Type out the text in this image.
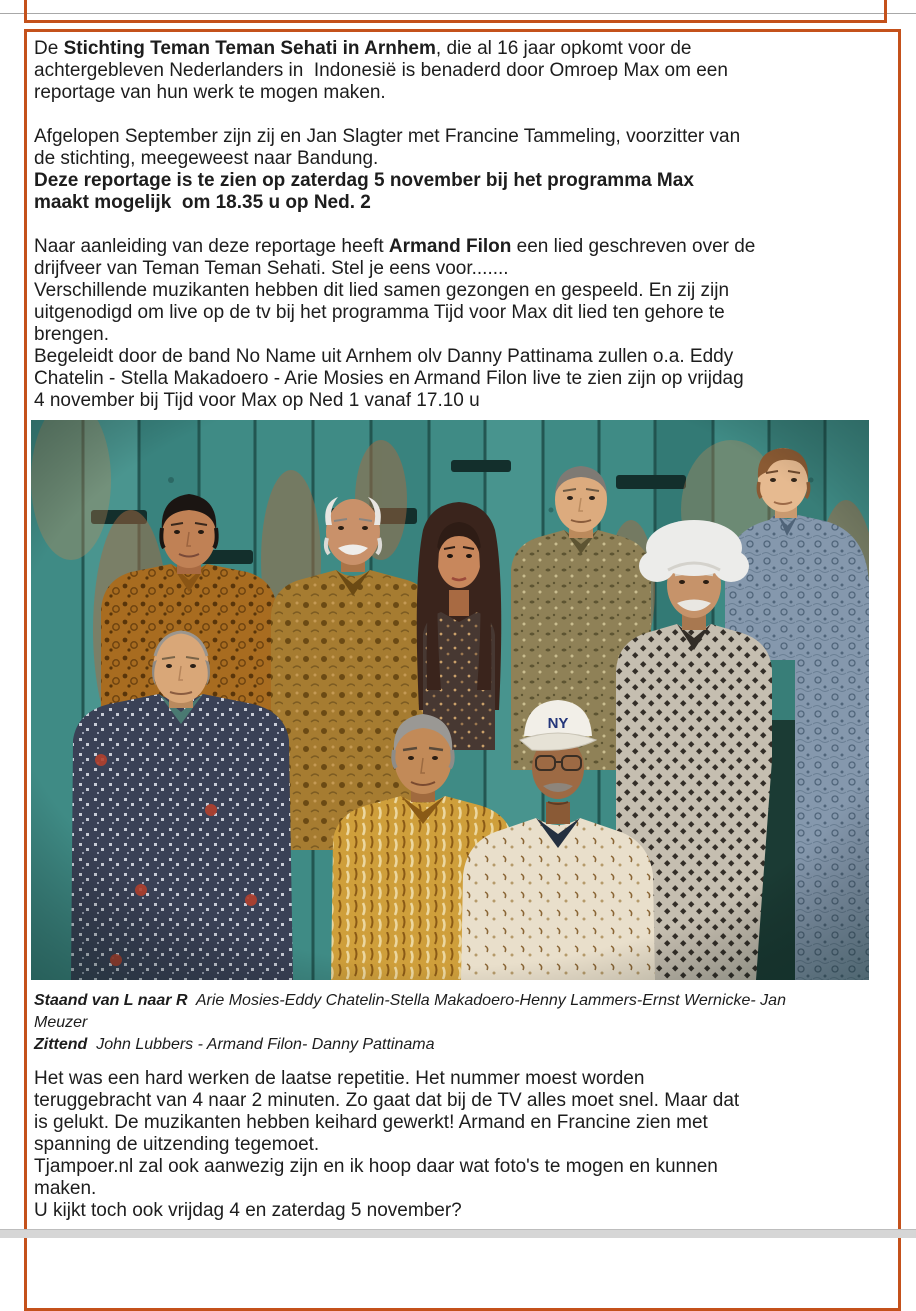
De Stichting Teman Teman Sehati in Arnhem, die al 16 jaar opkomt voor de
achtergebleven Nederlanders in  Indonesië is benaderd door Omroep Max om een
reportage van hun werk te mogen maken.

Afgelopen September zijn zij en Jan Slagter met Francine Tammeling, voorzitter van
de stichting, meegeweest naar Bandung.
Deze reportage is te zien op zaterdag 5 november bij het programma Max
maakt mogelijk  om 18.35 u op Ned. 2

Naar aanleiding van deze reportage heeft Armand Filon een lied geschreven over de
drijfveer van Teman Teman Sehati. Stel je eens voor.......
Verschillende muzikanten hebben dit lied samen gezongen en gespeeld. En zij zijn
uitgenodigd om live op de tv bij het programma Tijd voor Max dit lied ten gehore te
brengen.
Begeleidt door de band No Name uit Arnhem olv Danny Pattinama zullen o.a. Eddy
Chatelin - Stella Makadoero - Arie Mosies en Armand Filon live te zien zijn op vrijdag
4 november bij Tijd voor Max op Ned 1 vanaf 17.10 u

Staand van L naar R  Arie Mosies-Eddy Chatelin-Stella Makadoero-Henny Lammers-Ernst Wernicke- Jan
Meuzer
Zittend  John Lubbers - Armand Filon- Danny Pattinama

Het was een hard werken de laatse repetitie. Het nummer moest worden
teruggebracht van 4 naar 2 minuten. Zo gaat dat bij de TV alles moet snel. Maar dat
is gelukt. De muzikanten hebben keihard gewerkt! Armand en Francine zien met
spanning de uitzending tegemoet.
Tjampoer.nl zal ook aanwezig zijn en ik hoop daar wat foto's te mogen en kunnen
maken.
U kijkt toch ook vrijdag 4 en zaterdag 5 november?
